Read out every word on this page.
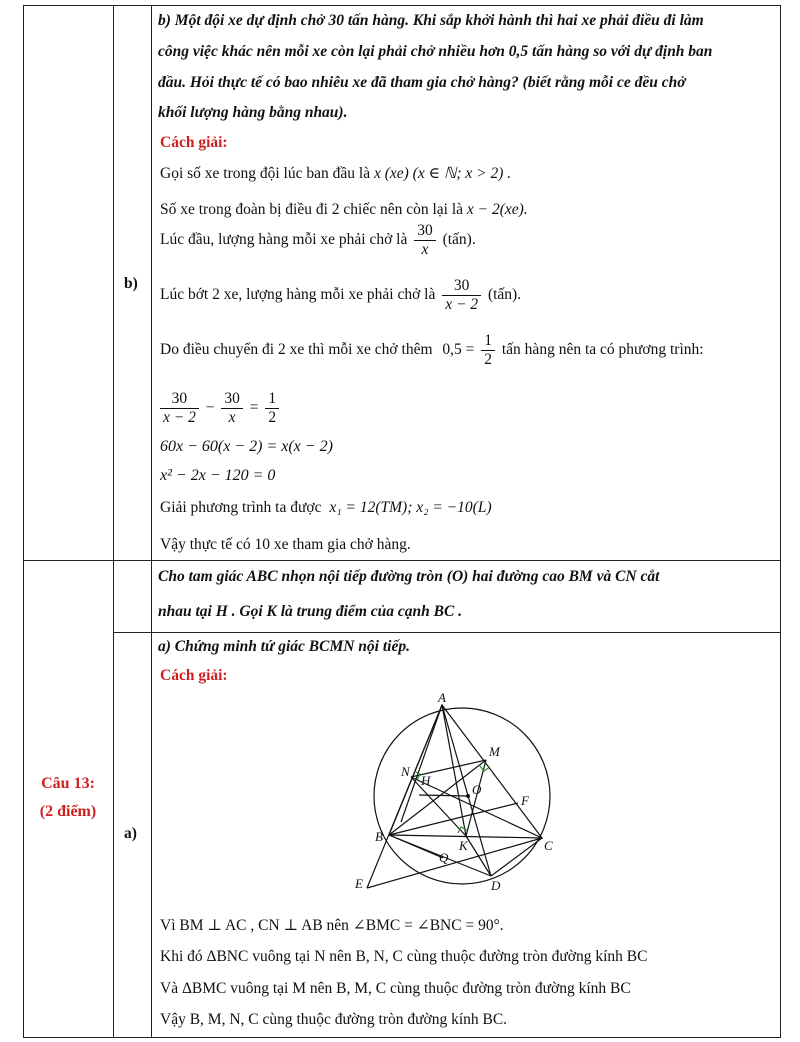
b)
b) Một đội xe dự định chở 30 tấn hàng. Khi sắp khởi hành thì hai xe phải điều đi làm
công việc khác nên mỗi xe còn lại phải chở nhiều hơn 0,5 tấn hàng so với dự định ban
đầu. Hỏi thực tế có bao nhiêu xe đã tham gia chở hàng? (biết rằng mỗi ce đều chở
khối lượng hàng bằng nhau).
Cách giải:
Gọi số xe trong đội lúc ban đầu là x (xe) (x ∈ ℕ; x > 2) .
Số xe trong đoàn bị điều đi 2 chiếc nên còn lại là x − 2(xe).
Lúc đầu, lượng hàng mỗi xe phải chở là $\frac{30}{x}$ (tấn).
Lúc bớt 2 xe, lượng hàng mỗi xe phải chở là $\frac{30}{x - 2}$ (tấn).
Do điều chuyển đi 2 xe thì mỗi xe chở thêm $0,5 = \frac{1}{2}$ tấn hàng nên ta có phương trình:
$\frac{30}{x - 2} - \frac{30}{x} = \frac{1}{2}$
60x − 60(x − 2) = x(x − 2)
x² − 2x − 120 = 0
Giải phương trình ta được x₁ = 12(TM); x₂ = −10(L)
Vậy thực tế có 10 xe tham gia chở hàng.
Câu 13:
(2 điểm)
Cho tam giác ABC nhọn nội tiếp đường tròn (O) hai đường cao BM và CN cắt
nhau tại H . Gọi K là trung điểm của cạnh BC .
a)
a) Chứng minh tứ giác BCMN nội tiếp.
Cách giải:
A
M
N
H
O
F
B
K	C
Q
E	D
Vì BM ⊥ AC , CN ⊥ AB nên ∠BMC = ∠BNC = 90°.
Khi đó ΔBNC vuông tại N nên B, N, C cùng thuộc đường tròn đường kính BC
Và ΔBMC vuông tại M nên B, M, C cùng thuộc đường tròn đường kính BC
Vậy B, M, N, C cùng thuộc đường tròn đường kính BC.
